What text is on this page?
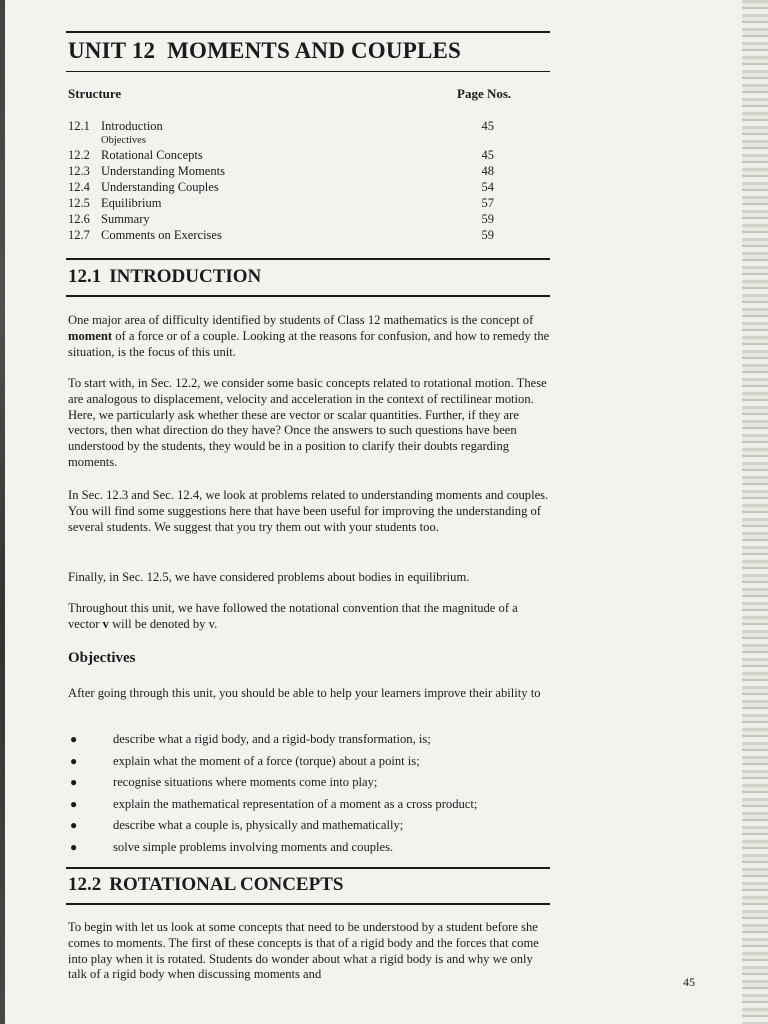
UNIT 12  MOMENTS AND COUPLES
Structure	Page Nos.
12.1 Introduction	45
Objectives
12.2 Rotational Concepts	45
12.3 Understanding Moments	48
12.4 Understanding Couples	54
12.5 Equilibrium	57
12.6 Summary	59
12.7 Comments on Exercises	59
12.1 INTRODUCTION
One major area of difficulty identified by students of Class 12 mathematics is the concept of moment of a force or of a couple. Looking at the reasons for confusion, and how to remedy the situation, is the focus of this unit.
To start with, in Sec. 12.2, we consider some basic concepts related to rotational motion. These are analogous to displacement, velocity and acceleration in the context of rectilinear motion. Here, we particularly ask whether these are vector or scalar quantities. Further, if they are vectors, then what direction do they have? Once the answers to such questions have been understood by the students, they would be in a position to clarify their doubts regarding moments.
In Sec. 12.3 and Sec. 12.4, we look at problems related to understanding moments and couples. You will find some suggestions here that have been useful for improving the understanding of several students. We suggest that you try them out with your students too.
Finally, in Sec. 12.5, we have considered problems about bodies in equilibrium.
Throughout this unit, we have followed the notational convention that the magnitude of a vector v will be denoted by v.
Objectives
After going through this unit, you should be able to help your learners improve their ability to
●	describe what a rigid body, and a rigid-body transformation, is;
●	explain what the moment of a force (torque) about a point is;
●	recognise situations where moments come into play;
●	explain the mathematical representation of a moment as a cross product;
●	describe what a couple is, physically and mathematically;
●	solve simple problems involving moments and couples.
12.2 ROTATIONAL CONCEPTS
To begin with let us look at some concepts that need to be understood by a student before she comes to moments. The first of these concepts is that of a rigid body and the forces that come into play when it is rotated. Students do wonder about what a rigid body is and why we only talk of a rigid body when discussing moments and
45
